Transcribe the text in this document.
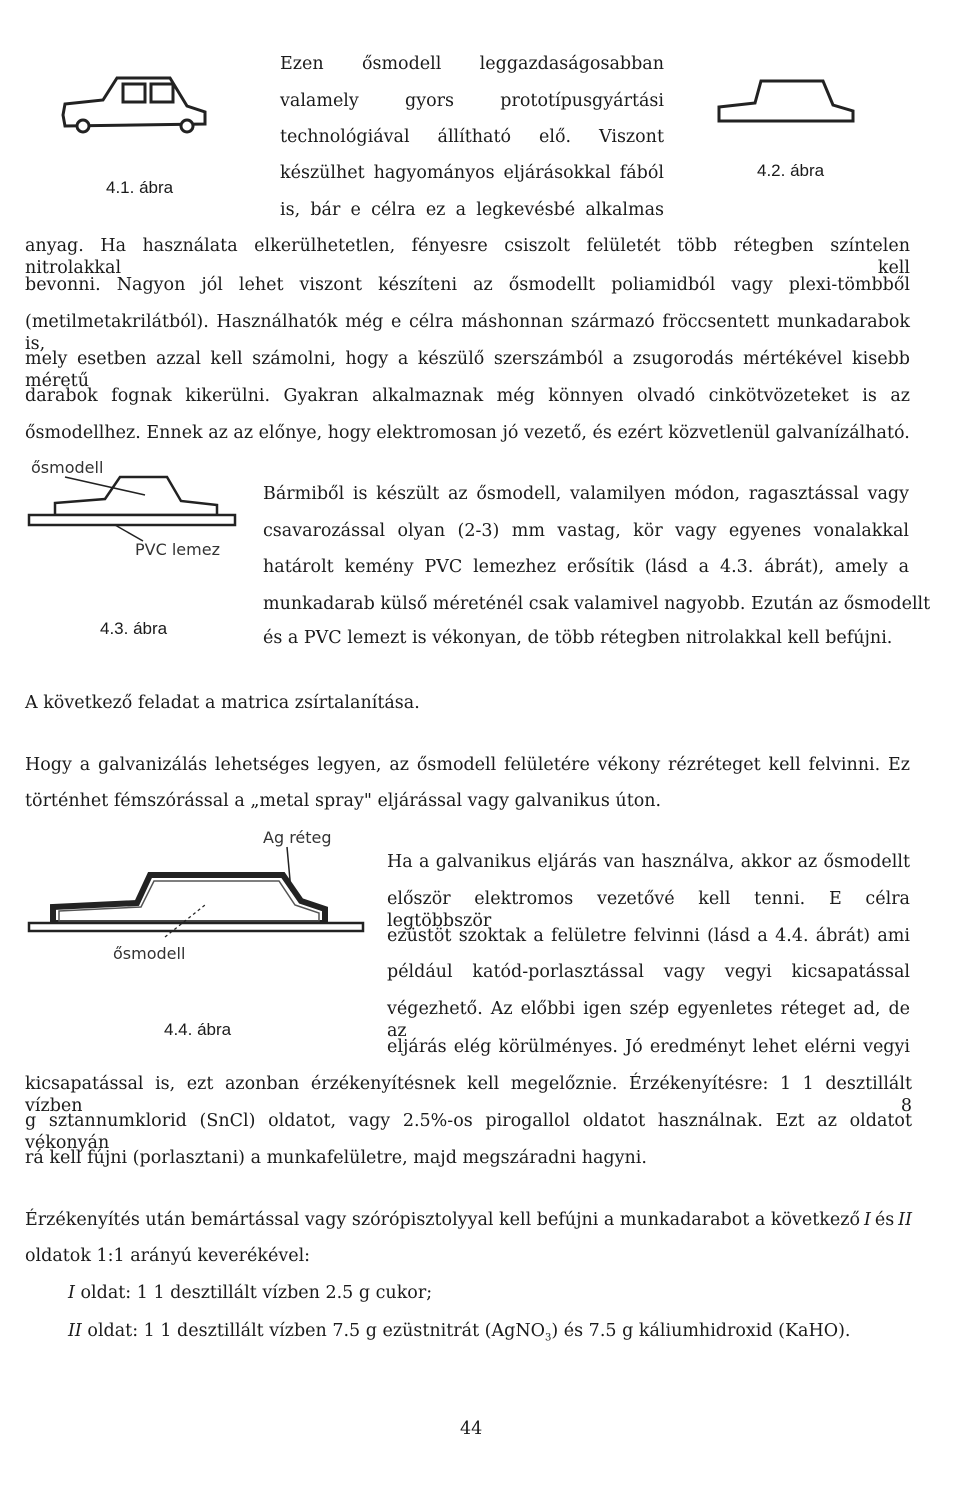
4.1. ábra
4.2. ábra
Ezen ősmodell leggazdaságosabban
valamely gyors prototípusgyártási
technológiával állítható elő. Viszont
készülhet hagyományos eljárásokkal fából
is, bár e célra ez a legkevésbé alkalmas
anyag. Ha használata elkerülhetetlen, fényesre csiszolt felületét több rétegben színtelen nitrolakkal kell
bevonni. Nagyon jól lehet viszont készíteni az ősmodellt poliamidból vagy plexi-tömbből
(metilmetakrilátból). Használhatók még e célra máshonnan származó fröccsentett munkadarabok is,
mely esetben azzal kell számolni, hogy a készülő szerszámból a zsugorodás mértékével kisebb méretű
darabok fognak kikerülni. Gyakran alkalmaznak még könnyen olvadó cinkötvözeteket is az
ősmodellhez. Ennek az az előnye, hogy elektromosan jó vezető, és ezért közvetlenül galvanízálható.
ősmodell
PVC lemez
4.3. ábra
Bármiből is készült az ősmodell, valamilyen módon, ragasztással vagy
csavarozással olyan (2-3) mm vastag, kör vagy egyenes vonalakkal
határolt kemény PVC lemezhez erősítik (lásd a 4.3. ábrát), amely a
munkadarab külső méreténél csak valamivel nagyobb. Ezután az ősmodellt
és a PVC lemezt is vékonyan, de több rétegben nitrolakkal kell befújni.
A következő feladat a matrica zsírtalanítása.
Hogy a galvanizálás lehetséges legyen, az ősmodell felületére vékony rézréteget kell felvinni. Ez
történhet fémszórással a „metal spray" eljárással vagy galvanikus úton.
Ag réteg
ősmodell
4.4. ábra
Ha a galvanikus eljárás van használva, akkor az ősmodellt
először elektromos vezetővé kell tenni. E célra legtöbbször
ezüstöt szoktak a felületre felvinni (lásd a 4.4. ábrát) ami
például katód-porlasztással vagy vegyi kicsapatással
végezhető. Az előbbi igen szép egyenletes réteget ad, de az
eljárás elég körülményes. Jó eredményt lehet elérni vegyi
kicsapatással is, ezt azonban érzékenyítésnek kell megelőznie. Érzékenyítésre: 1 1 desztillált vízben 8
g sztannumklorid (SnCl) oldatot, vagy 2.5%-os pirogallol oldatot használnak. Ezt az oldatot vékonyán
rá kell fújni (porlasztani) a munkafelületre, majd megszáradni hagyni.
Érzékenyítés után bemártással vagy szórópisztolyyal kell befújni a munkadarabot a következő I és II
oldatok 1:1 arányú keverékével:
I oldat: 1 1 desztillált vízben 2.5 g cukor;
II oldat: 1 1 desztillált vízben 7.5 g ezüstnitrát (AgNO$_3$) és 7.5 g káliumhidroxid (KaHO).
44
